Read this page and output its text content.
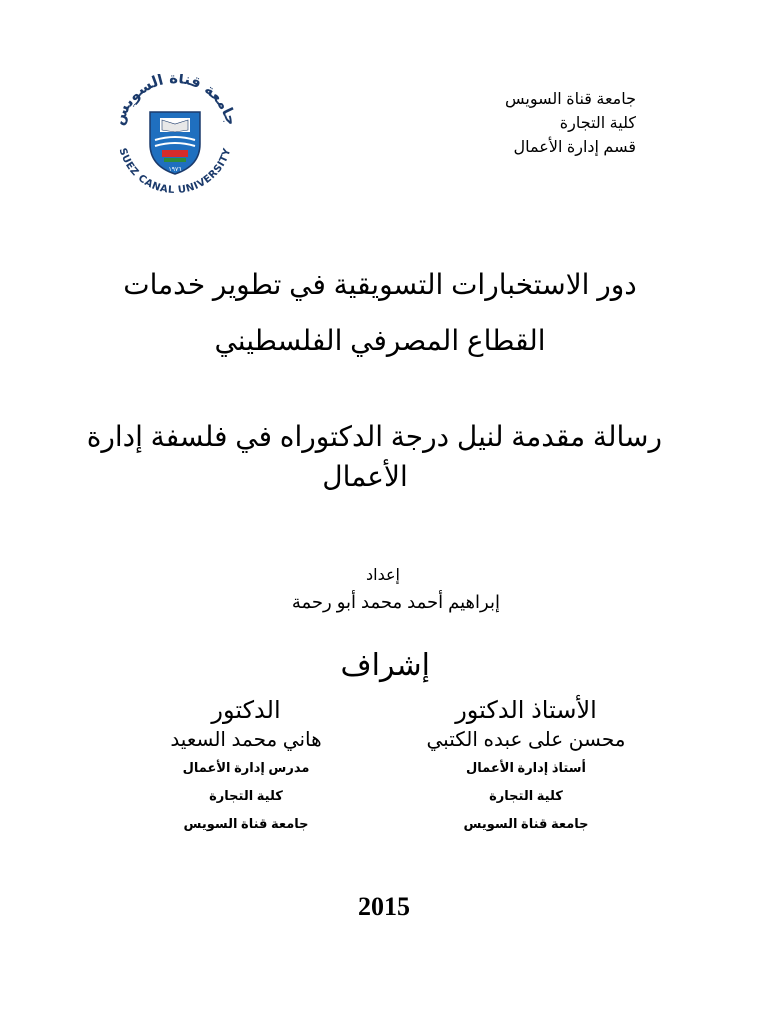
جامعة قناة السويس
كلية التجارة
قسم إدارة الأعمال
جامعة قناة السويس
SUEZ CANAL UNIVERSITY
١٩٧٦
دور الاستخبارات التسويقية في تطوير خدمات
القطاع المصرفي الفلسطيني
رسالة مقدمة لنيل درجة الدكتوراه في فلسفة إدارة
الأعمال
إعداد
إبراهيم أحمد محمد أبو رحمة
إشراف
الأستاذ الدكتور
محسن على عبده الكتبي
أستاذ إدارة الأعمال
كلية التجارة
جامعة قناة السويس
الدكتور
هاني محمد السعيد
مدرس إدارة الأعمال
كلية التجارة
جامعة قناة السويس
2015
